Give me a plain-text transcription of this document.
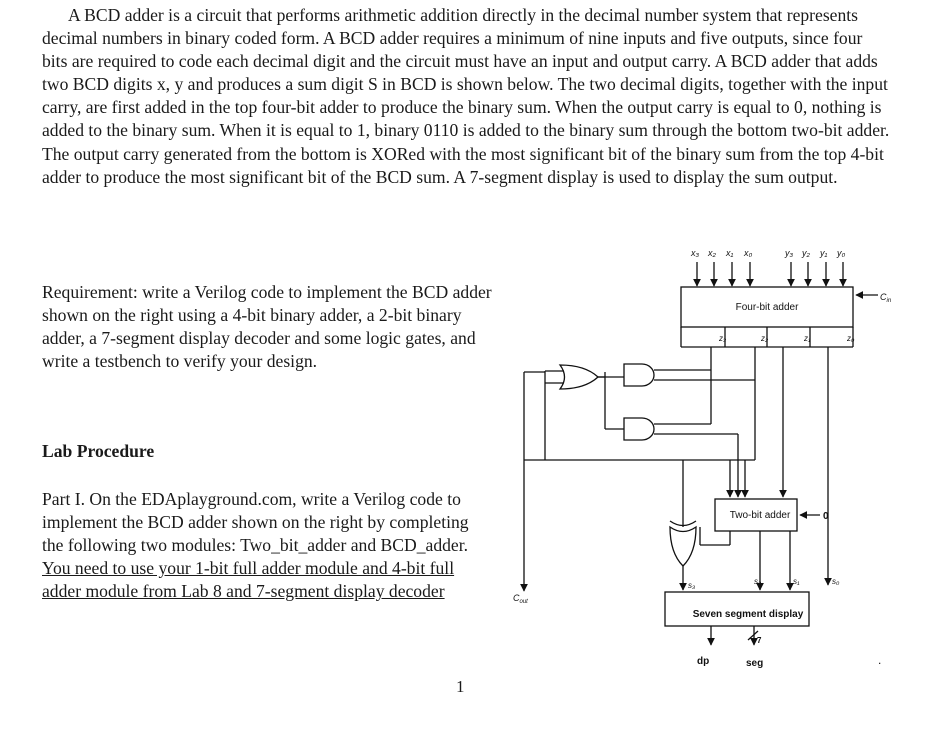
A BCD adder is a circuit that performs arithmetic addition directly in the decimal number system that represents decimal numbers in binary coded form. A BCD adder requires a minimum of nine inputs and five outputs, since four bits are required to code each decimal digit and the circuit must have an input and output carry. A BCD adder that adds two BCD digits x, y and produces a sum digit S in BCD is shown below. The two decimal digits, together with the input carry, are first added in the top four-bit adder to produce the binary sum. When the output carry is equal to 0, nothing is added to the binary sum. When it is equal to 1, binary 0110 is added to the binary sum through the bottom two-bit adder. The output carry generated from the bottom is XORed with the most significant bit of the binary sum from the top 4-bit adder to produce the most significant bit of the BCD sum. A 7-segment display is used to display the sum output.

Requirement: write a Verilog code to implement the BCD adder shown on the right using a 4-bit binary adder, a 2-bit binary adder, a 7-segment display decoder and some logic gates, and write a testbench to verify your design.

Lab Procedure

Part I. On the EDAplayground.com, write a Verilog code to implement the BCD adder shown on the right by completing the following two modules: Two_bit_adder and BCD_adder. You need to use your 1-bit full adder module and 4-bit full adder module from Lab 8 and 7-segment display decoder

1
x₃ x₂ x₁ x₀	y₃ y₂ y₁ y₀
z₃	z₂	z₁	z₀
s₃	s₂	s₁	s₀
$C_{in}$
$C_{out}$
Four-bit adder
Two-bit adder	0
Seven segment display
7
dp	seg	.
